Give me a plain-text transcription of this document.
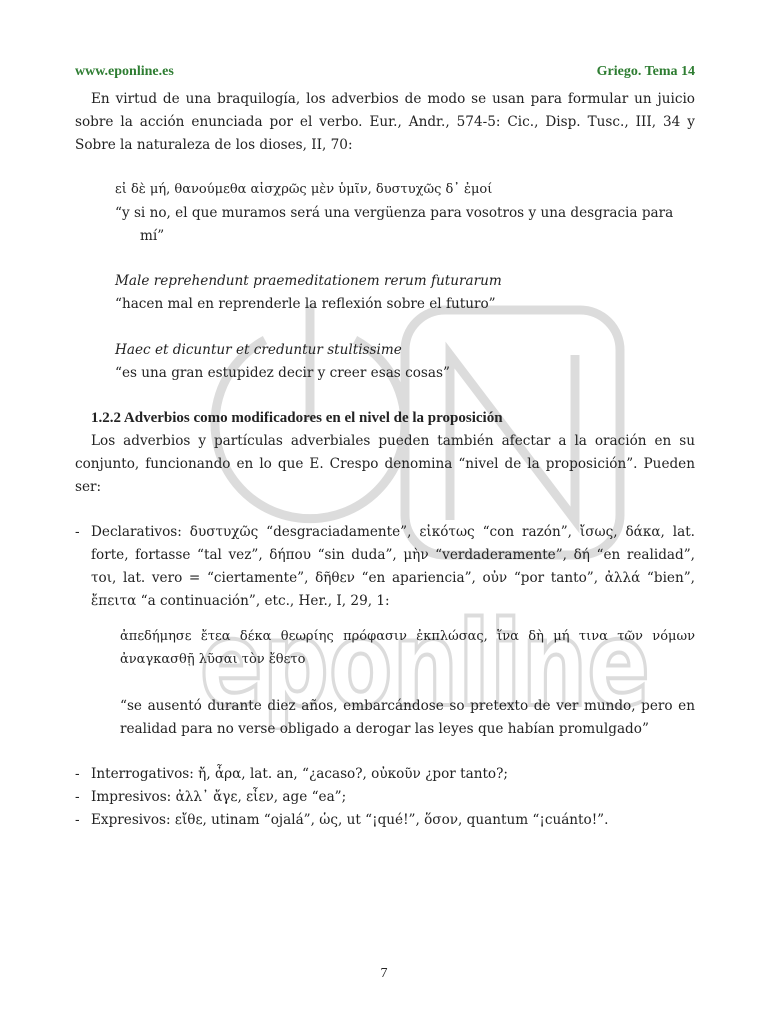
eponline
www.eponline.es	Griego. Tema 14

En virtud de una braquilogía, los adverbios de modo se usan para formular un juicio sobre la acción enunciada por el verbo. Eur., Andr., 574-5: Cic., Disp. Tusc., III, 34 y Sobre la naturaleza de los dioses, II, 70:

εἰ δὲ μή, θανούμεθα αἰσχρῶς μὲν ὑμῖν, δυστυχῶς δ᾽ ἐμοί

“y si no, el que muramos será una vergüenza para vosotros y una desgracia para mí”

Male reprehendunt praemeditationem rerum futurarum

“hacen mal en reprenderle la reflexión sobre el futuro”

Haec et dicuntur et creduntur stultissime

“es una gran estupidez decir y creer esas cosas”

1.2.2 Adverbios como modificadores en el nivel de la proposición

Los adverbios y partículas adverbiales pueden también afectar a la oración en su conjunto, funcionando en lo que E. Crespo denomina “nivel de la proposición”. Pueden ser:

- Declarativos: δυστυχῶς “desgraciadamente”, εἰκότως “con razón”, ἴσως, δάκα, lat. forte, fortasse “tal vez”, δήπου “sin duda”, μὴν “verdaderamente”, δή “en realidad”, τοι, lat. vero = “ciertamente”, δῆθεν “en apariencia”, οὐν “por tanto”, ἀλλά “bien”, ἔπειτα “a continuación”, etc., Her., I, 29, 1:

ἀπεδήμησε ἔτεα δέκα θεωρίης πρόφασιν ἐκπλώσας, ἵνα δὴ μή τινα τῶν νόμων ἀναγκασθῇ λῦσαι τὸν ἔθετο

“se ausentó durante diez años, embarcándose so pretexto de ver mundo, pero en realidad para no verse obligado a derogar las leyes que habían promulgado”

- Interrogativos: ἤ, ἆρα, lat. an, “¿acaso?, οὐκοῦν ¿por tanto?;
- Impresivos: ἀλλ᾽ ἄγε, εἶεν, age “ea”;
- Expresivos: εἴθε, utinam “ojalá”, ὡς, ut “¡qué!”, ὅσον, quantum “¡cuánto!”.
7
